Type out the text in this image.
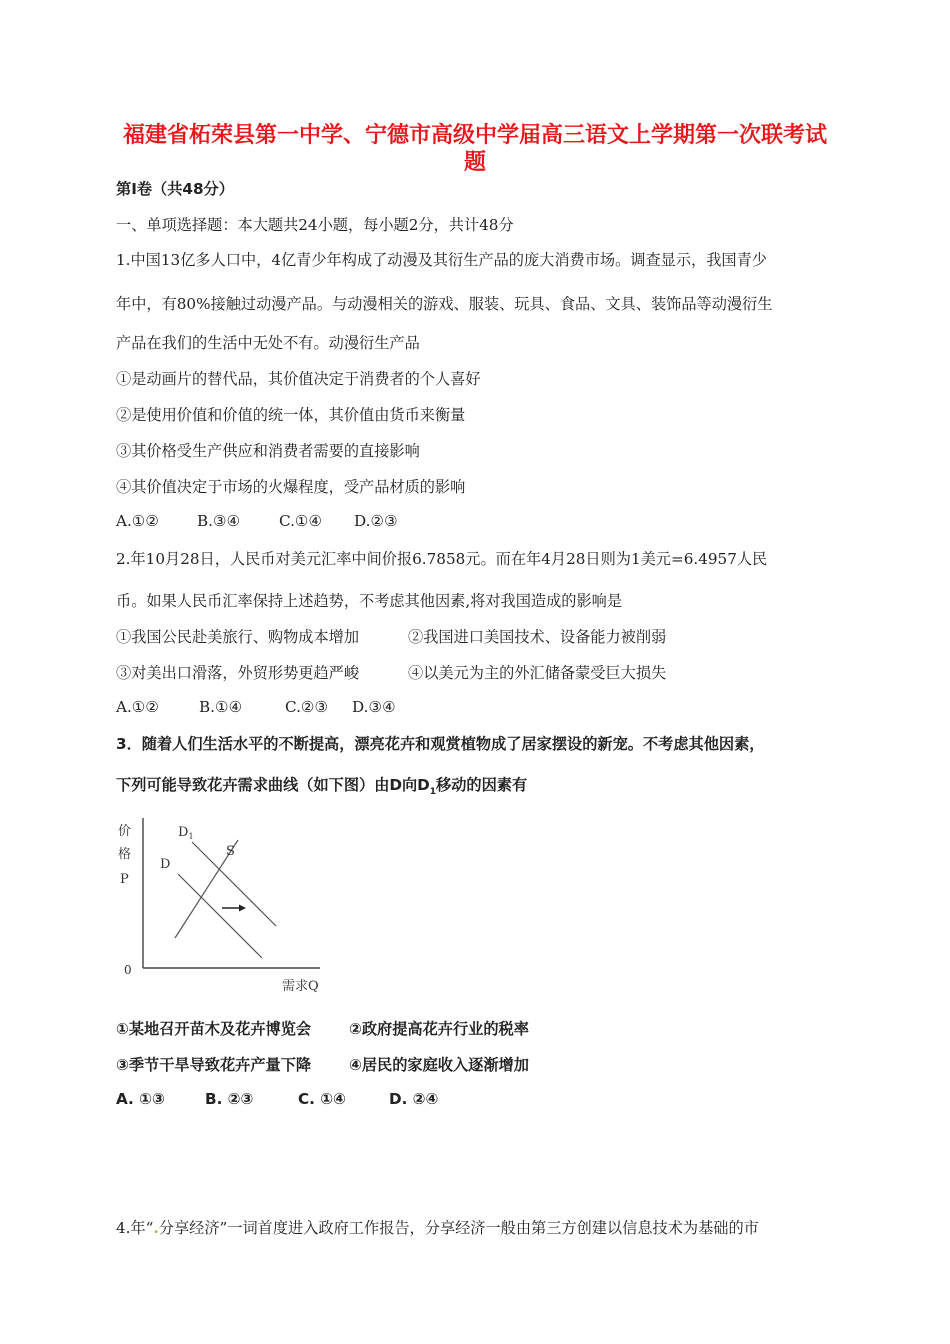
福建省柘荣县第一中学、宁德市高级中学届高三语文上学期第一次联考试
题
第Ⅰ卷（共48分）
一、单项选择题：本大题共24小题，每小题2分，共计48分
1.中国13亿多人口中，4亿青少年构成了动漫及其衍生产品的庞大消费市场。调查显示，我国青少
年中，有80%接触过动漫产品。与动漫相关的游戏、服装、玩具、食品、文具、装饰品等动漫衍生
产品在我们的生活中无处不有。动漫衍生产品
①是动画片的替代品，其价值决定于消费者的个人喜好
②是使用价值和价值的统一体，其价值由货币来衡量
③其价格受生产供应和消费者需要的直接影响
④其价值决定于市场的火爆程度，受产品材质的影响
A.①② B.③④	C.①④ D.②③
2.年10月28日，人民币对美元汇率中间价报6.7858元。而在年4月28日则为1美元=6.4957人民
币。如果人民币汇率保持上述趋势，不考虑其他因素,将对我国造成的影响是
①我国公民赴美旅行、购物成本增加	②我国进口美国技术、设备能力被削弱
③对美出口滑落，外贸形势更趋严峻	④以美元为主的外汇储备蒙受巨大损失
A.①②	B.①④	C.②③ D.③④
3．随着人们生活水平的不断提高，漂亮花卉和观赏植物成了居家摆设的新宠。不考虑其他因素，
下列可能导致花卉需求曲线（如下图）由D向$D_1$移动的因素有
价
格
P
0
需求Q
D
$D_1$
S
①某地召开苗木及花卉博览会 ②政府提高花卉行业的税率
③季节干旱导致花卉产量下降 ④居民的家庭收入逐渐增加
A. ①③	B. ②③	C. ①④	D. ②④
4.年“.分享经济”一词首度进入政府工作报告，分享经济一般由第三方创建以信息技术为基础的市
